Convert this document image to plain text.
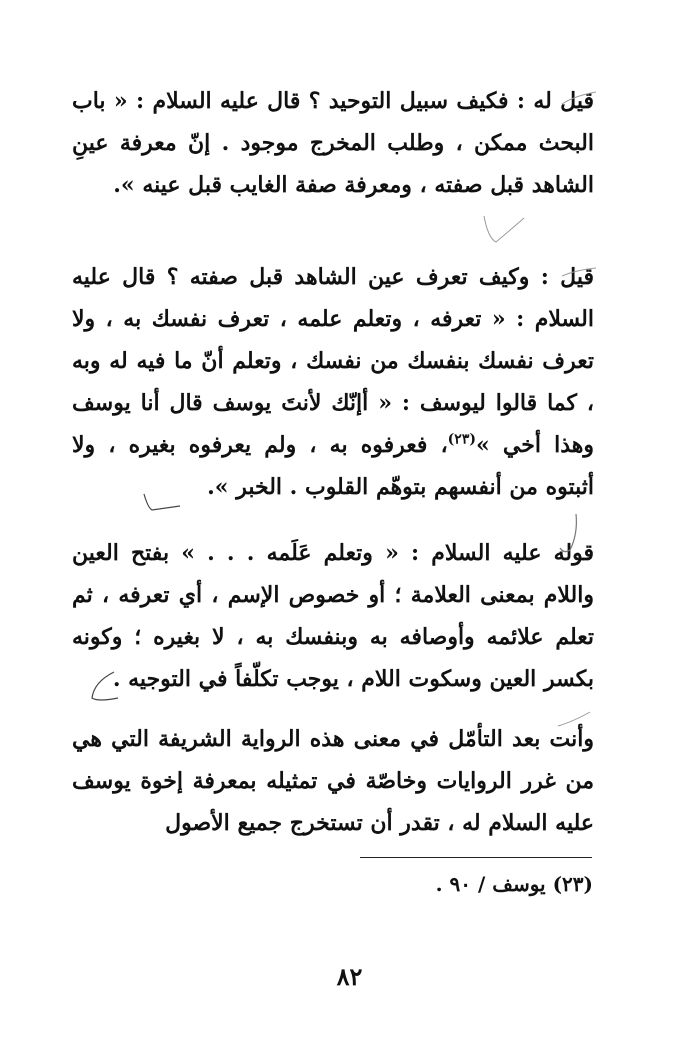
قيل له : فكيف سبيل التوحيد ؟ قال عليه السلام : « باب البحث ممكن ، وطلب المخرج موجود . إنّ معرفة عينِ الشاهد قبل صفته ، ومعرفة صفة الغايب قبل عينه ».

قيل : وكيف تعرف عين الشاهد قبل صفته ؟ قال عليه السلام : « تعرفه ، وتعلم علمه ، تعرف نفسك به ، ولا تعرف نفسك بنفسك من نفسك ، وتعلم أنّ ما فيه له وبه ، كما قالوا ليوسف : « أإنّك لأنتَ يوسف قال أنا يوسف وهذا أخي »$^{(٢٣)}$، فعرفوه به ، ولم يعرفوه بغيره ، ولا أثبتوه من أنفسهم بتوهّم القلوب . الخبر ».

قوله عليه السلام : « وتعلم عَلَمه . . . » بفتح العين واللام بمعنى العلامة ؛ أو خصوص الإسم ، أي تعرفه ، ثم تعلم علائمه وأوصافه به وبنفسك به ، لا بغيره ؛ وكونه بكسر العين وسكوت اللام ، يوجب تكلّفاً في التوجيه .

وأنت بعد التأمّل في معنى هذه الرواية الشريفة التي هي من غرر الروايات وخاصّة في تمثيله بمعرفة إخوة يوسف عليه السلام له ، تقدر أن تستخرج جميع الأصول

(٢٣) يوسف / ٩٠ .
٨٢
